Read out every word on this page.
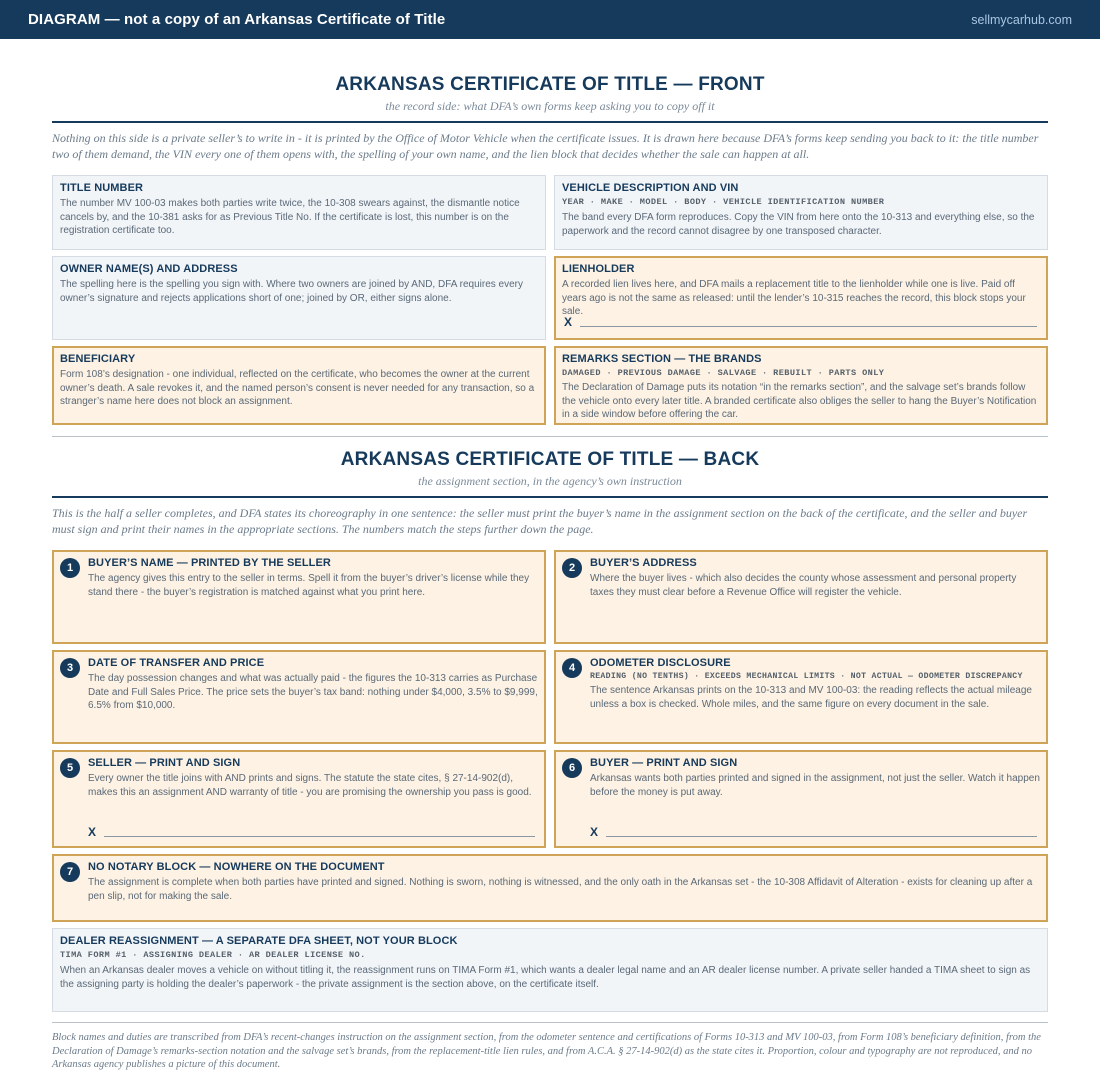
DIAGRAM — not a copy of an Arkansas Certificate of Title	sellmycarhub.com
ARKANSAS CERTIFICATE OF TITLE — FRONT
the record side: what DFA’s own forms keep asking you to copy off it
Nothing on this side is a private seller’s to write in - it is printed by the Office of Motor Vehicle when the certificate issues. It is drawn here because DFA’s forms keep sending you back to it: the title number two of them demand, the VIN every one of them opens with, the spelling of your own name, and the lien block that decides whether the sale can happen at all.
TITLE NUMBER

The number MV 100-03 makes both parties write twice, the 10-308 swears against, the dismantle notice cancels by, and the 10-381 asks for as Previous Title No. If the certificate is lost, this number is on the registration certificate too.

VEHICLE DESCRIPTION AND VIN
YEAR · MAKE · MODEL · BODY · VEHICLE IDENTIFICATION NUMBER

The band every DFA form reproduces. Copy the VIN from here onto the 10-313 and everything else, so the paperwork and the record cannot disagree by one transposed character.

OWNER NAME(S) AND ADDRESS

The spelling here is the spelling you sign with. Where two owners are joined by AND, DFA requires every owner’s signature and rejects applications short of one; joined by OR, either signs alone.

LIENHOLDER

A recorded lien lives here, and DFA mails a replacement title to the lienholder while one is live. Paid off years ago is not the same as released: until the lender’s 10-315 reaches the record, this block stops your sale.

X
BENEFICIARY

Form 108’s designation - one individual, reflected on the certificate, who becomes the owner at the current owner’s death. A sale revokes it, and the named person’s consent is never needed for any transaction, so a stranger’s name here does not block an assignment.

REMARKS SECTION — THE BRANDS
DAMAGED · PREVIOUS DAMAGE · SALVAGE · REBUILT · PARTS ONLY

The Declaration of Damage puts its notation “in the remarks section”, and the salvage set’s brands follow the vehicle onto every later title. A branded certificate also obliges the seller to hang the Buyer’s Notification in a side window before offering the car.

ARKANSAS CERTIFICATE OF TITLE — BACK
the assignment section, in the agency’s own instruction
This is the half a seller completes, and DFA states its choreography in one sentence: the seller must print the buyer’s name in the assignment section on the back of the certificate, and the seller and buyer must sign and print their names in the appropriate sections. The numbers match the steps further down the page.
1	BUYER’S NAME — PRINTED BY THE SELLER

The agency gives this entry to the seller in terms. Spell it from the buyer’s driver’s license while they stand there - the buyer’s registration is matched against what you print here.

2	BUYER’S ADDRESS

Where the buyer lives - which also decides the county whose assessment and personal property taxes they must clear before a Revenue Office will register the vehicle.

3	DATE OF TRANSFER AND PRICE

The day possession changes and what was actually paid - the figures the 10-313 carries as Purchase Date and Full Sales Price. The price sets the buyer’s tax band: nothing under $4,000, 3.5% to $9,999, 6.5% from $10,000.

4	ODOMETER DISCLOSURE
READING (NO TENTHS) · EXCEEDS MECHANICAL LIMITS · NOT ACTUAL — ODOMETER DISCREPANCY

The sentence Arkansas prints on the 10-313 and MV 100-03: the reading reflects the actual mileage unless a box is checked. Whole miles, and the same figure on every document in the sale.

5	SELLER — PRINT AND SIGN

Every owner the title joins with AND prints and signs. The statute the state cites, § 27-14-902(d), makes this an assignment AND warranty of title - you are promising the ownership you pass is good.

X
6	BUYER — PRINT AND SIGN

Arkansas wants both parties printed and signed in the assignment, not just the seller. Watch it happen before the money is put away.

X
7	NO NOTARY BLOCK — NOWHERE ON THE DOCUMENT

The assignment is complete when both parties have printed and signed. Nothing is sworn, nothing is witnessed, and the only oath in the Arkansas set - the 10-308 Affidavit of Alteration - exists for cleaning up after a pen slip, not for making the sale.

DEALER REASSIGNMENT — A SEPARATE DFA SHEET, NOT YOUR BLOCK
TIMA FORM #1 · ASSIGNING DEALER · AR DEALER LICENSE NO.

When an Arkansas dealer moves a vehicle on without titling it, the reassignment runs on TIMA Form #1, which wants a dealer legal name and an AR dealer license number. A private seller handed a TIMA sheet to sign as the assigning party is holding the dealer’s paperwork - the private assignment is the section above, on the certificate itself.

Block names and duties are transcribed from DFA’s recent-changes instruction on the assignment section, from the odometer sentence and certifications of Forms 10-313 and MV 100-03, from Form 108’s beneficiary definition, from the Declaration of Damage’s remarks-section notation and the salvage set’s brands, from the replacement-title lien rules, and from A.C.A. § 27-14-902(d) as the state cites it. Proportion, colour and typography are not reproduced, and no Arkansas agency publishes a picture of this document.
